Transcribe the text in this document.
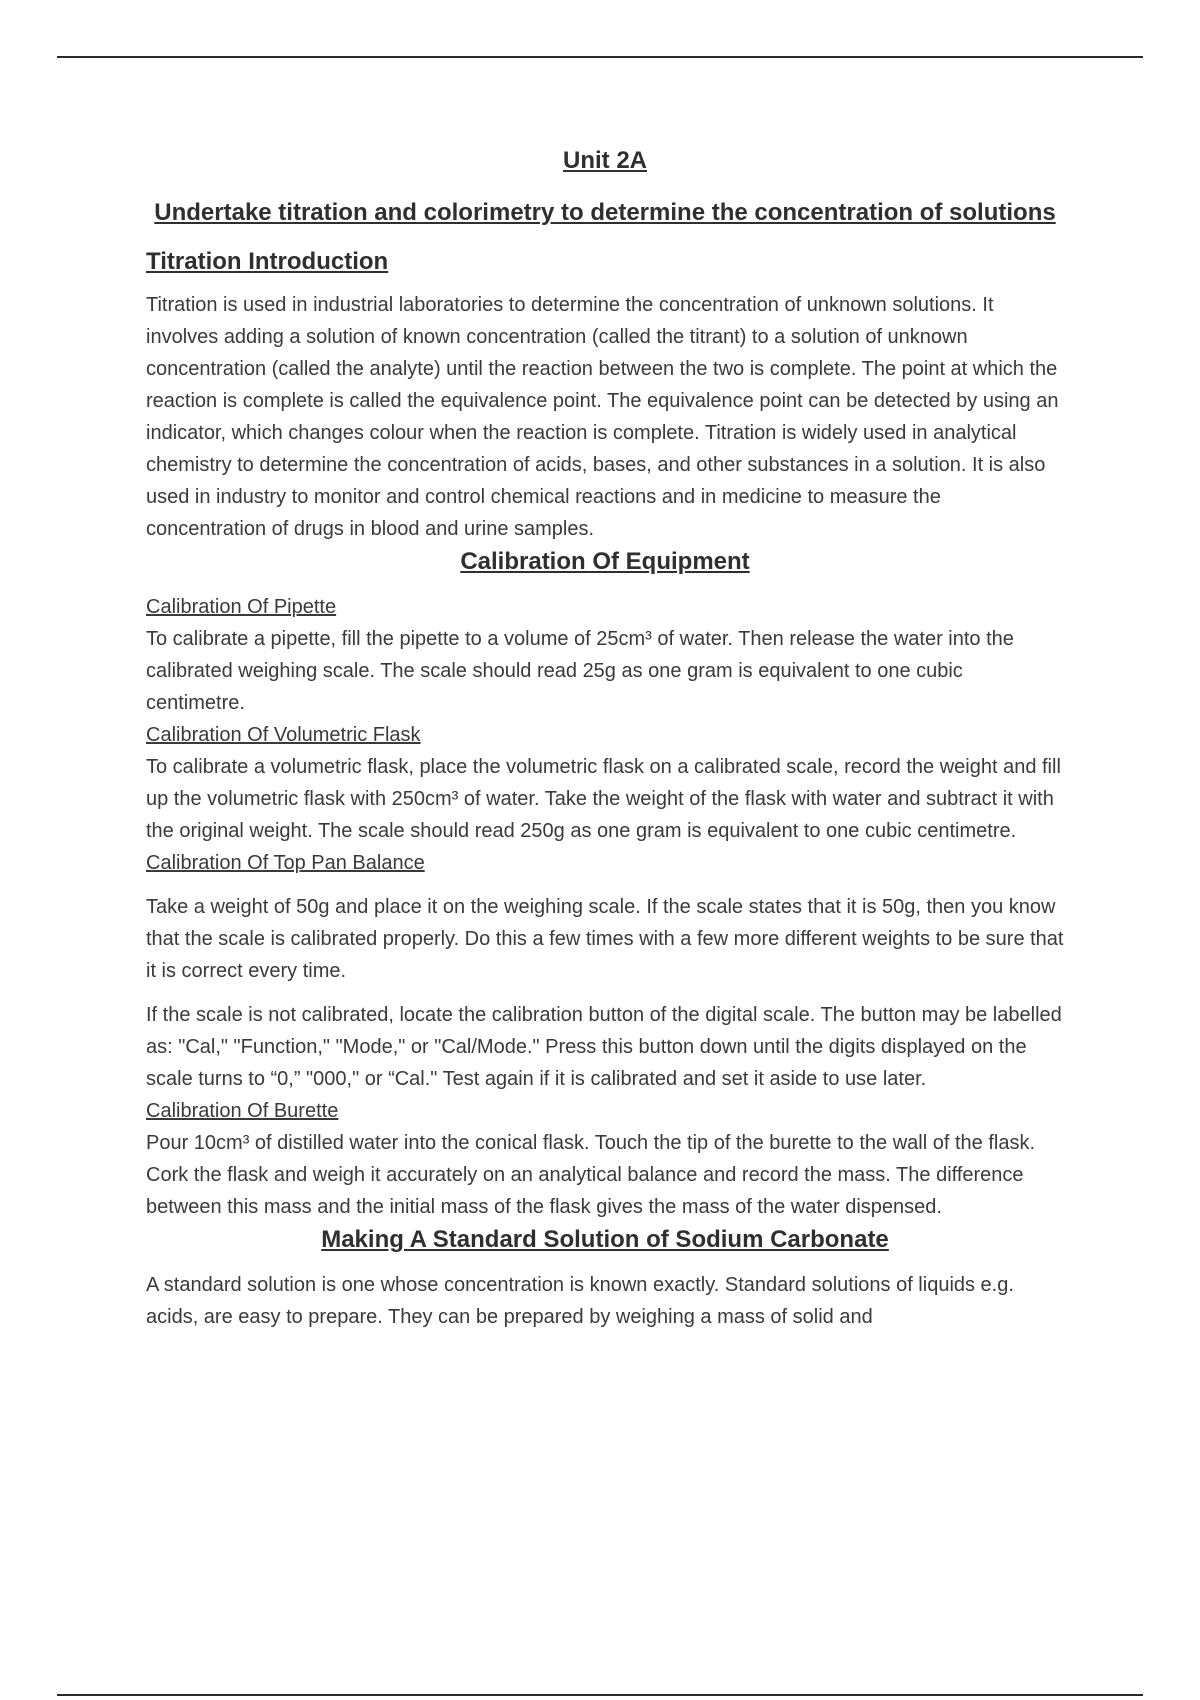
Unit 2A
Undertake titration and colorimetry to determine the concentration of solutions
Titration Introduction

Titration is used in industrial laboratories to determine the concentration of unknown solutions. It involves adding a solution of known concentration (called the titrant) to a solution of unknown concentration (called the analyte) until the reaction between the two is complete. The point at which the reaction is complete is called the equivalence point. The equivalence point can be detected by using an indicator, which changes colour when the reaction is complete. Titration is widely used in analytical chemistry to determine the concentration of acids, bases, and other substances in a solution. It is also used in industry to monitor and control chemical reactions and in medicine to measure the concentration of drugs in blood and urine samples.

Calibration Of Equipment
Calibration Of Pipette

To calibrate a pipette, fill the pipette to a volume of 25cm³ of water. Then release the water into the calibrated weighing scale. The scale should read 25g as one gram is equivalent to one cubic centimetre.

Calibration Of Volumetric Flask

To calibrate a volumetric flask, place the volumetric flask on a calibrated scale, record the weight and fill up the volumetric flask with 250cm³ of water. Take the weight of the flask with water and subtract it with the original weight. The scale should read 250g as one gram is equivalent to one cubic centimetre.

Calibration Of Top Pan Balance

Take a weight of 50g and place it on the weighing scale. If the scale states that it is 50g, then you know that the scale is calibrated properly. Do this a few times with a few more different weights to be sure that it is correct every time.

If the scale is not calibrated, locate the calibration button of the digital scale. The button may be labelled as: "Cal," "Function," "Mode," or "Cal/Mode." Press this button down until the digits displayed on the scale turns to “0,” "000," or “Cal." Test again if it is calibrated and set it aside to use later.

Calibration Of Burette

Pour 10cm³ of distilled water into the conical flask. Touch the tip of the burette to the wall of the flask. Cork the flask and weigh it accurately on an analytical balance and record the mass. The difference between this mass and the initial mass of the flask gives the mass of the water dispensed.

Making A Standard Solution of Sodium Carbonate

A standard solution is one whose concentration is known exactly. Standard solutions of liquids e.g. acids, are easy to prepare. They can be prepared by weighing a mass of solid and
